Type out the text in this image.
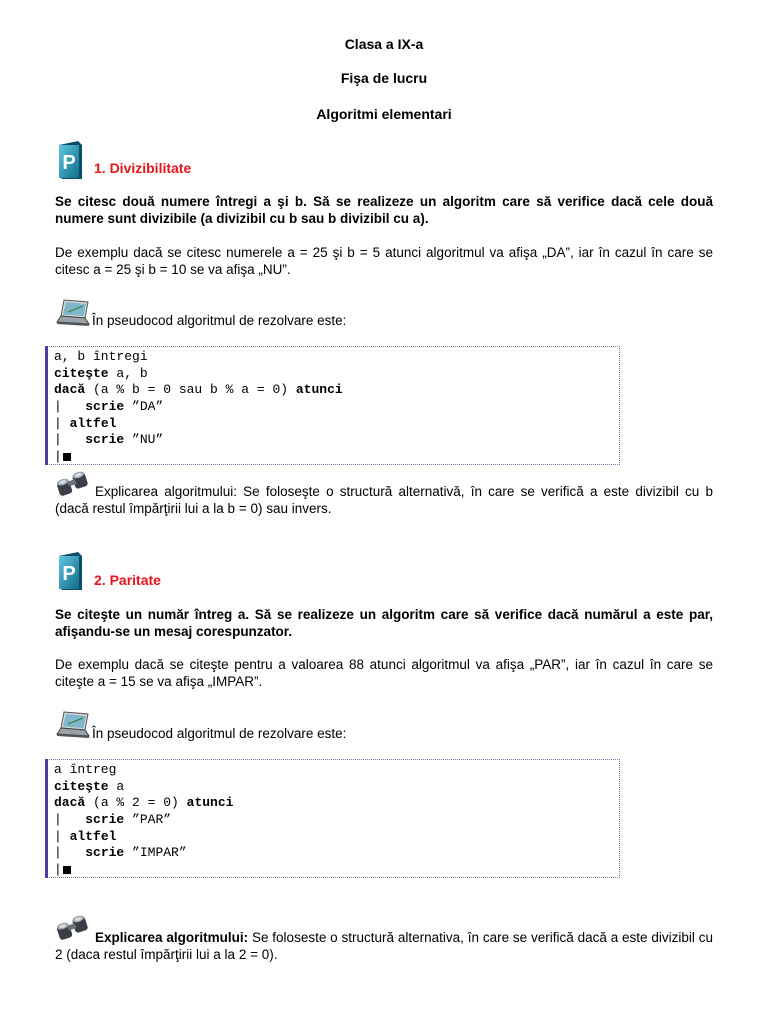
Clasa a IX-a
Fişa de lucru
Algoritmi elementari
P 1. Divizibilitate
Se citesc două numere întregi a şi b. Să se realizeze un algoritm care să verifice dacă cele două numere sunt divizibile (a divizibil cu b sau b divizibil cu a).
De exemplu dacă se citesc numerele a = 25 şi b = 5 atunci algoritmul va afişa „DA”, iar în cazul în care se citesc a = 25 şi b = 10 se va afişa „NU”.
În pseudocod algoritmul de rezolvare este:
a, b întregi
citeşte a, b
dacă (a % b = 0 sau b % a = 0) atunci
|   scrie ”DA”
| altfel
|   scrie ”NU”
|
Explicarea algoritmului: Se foloseşte o structură alternativă, în care se verifică a este divizibil cu b (dacă restul împărţirii lui a la b = 0) sau invers.
P 2. Paritate
Se citeşte un număr întreg a. Să se realizeze un algoritm care să verifice dacă numărul a este par, afişandu-se un mesaj corespunzator.
De exemplu dacă se citeşte pentru a valoarea 88 atunci algoritmul va afişa „PAR”, iar în cazul în care se citeşte a = 15 se va afişa „IMPAR”.
În pseudocod algoritmul de rezolvare este:
a întreg
citeşte a
dacă (a % 2 = 0) atunci
|   scrie ”PAR”
| altfel
|   scrie ”IMPAR”
|
Explicarea algoritmului: Se foloseste o structură alternativa, în care se verifică dacă a este divizibil cu 2 (daca restul împărţirii lui a la 2 = 0).
